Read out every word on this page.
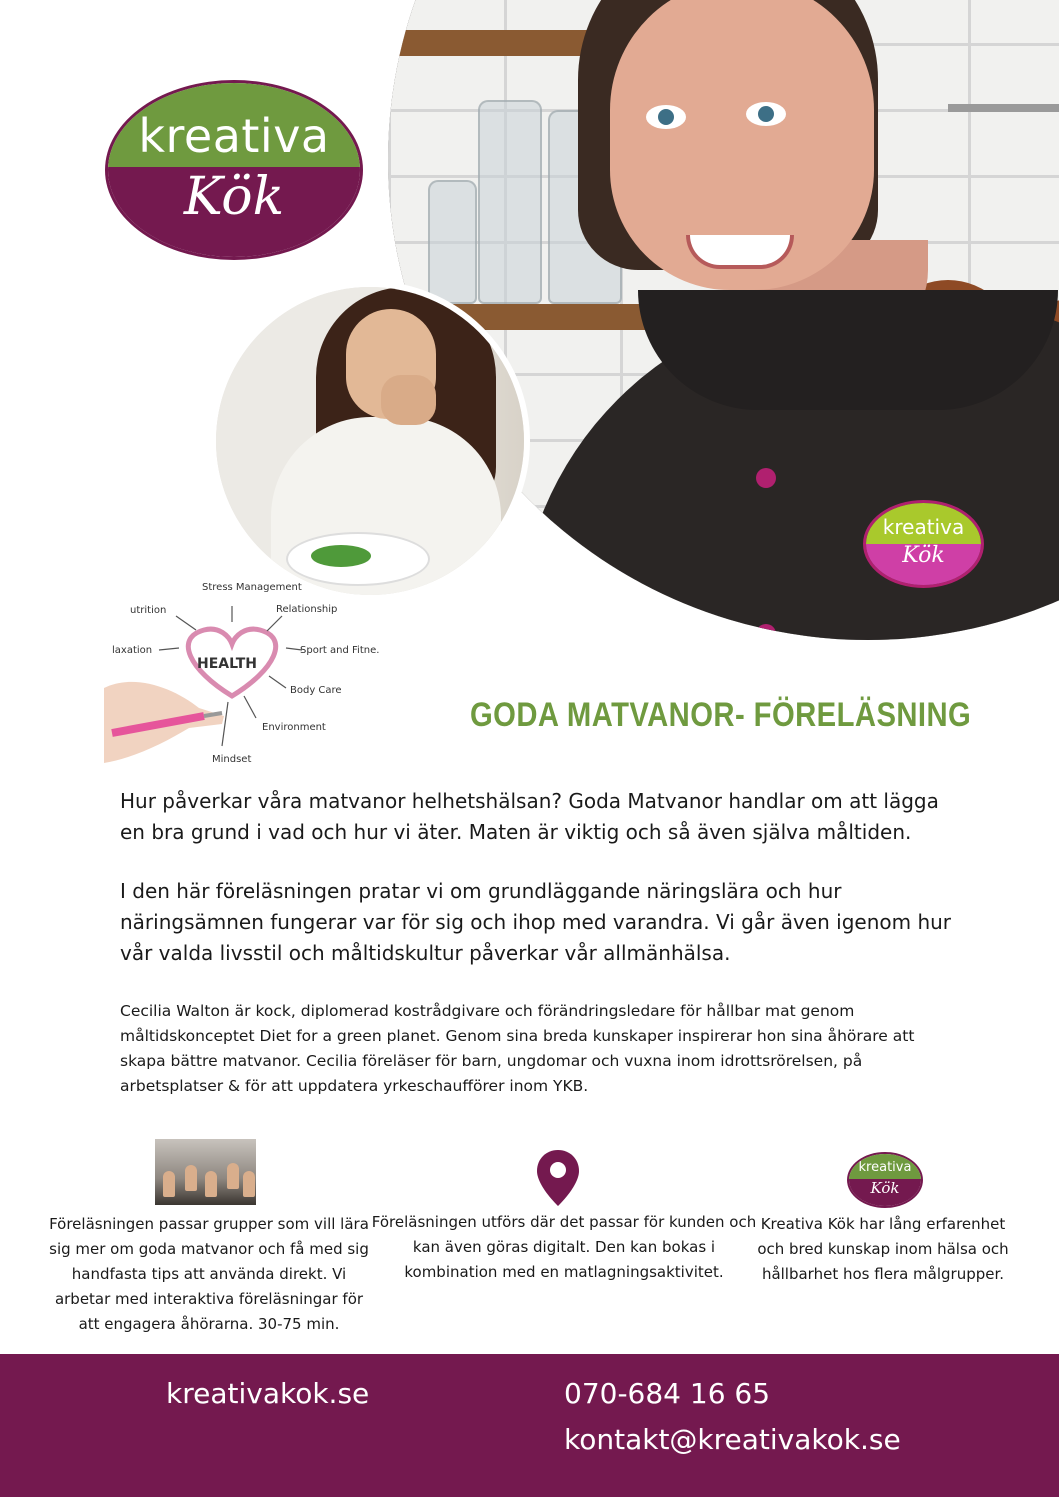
kreativa
Kök
kreativa
Kök
Stress Management
Relationship
Sport and Fitne.
Body Care
Environment
Mindset
laxation
utrition
HEALTH
GODA MATVANOR- FÖRELÄSNING

Hur påverkar våra matvanor helhetshälsan? Goda Matvanor handlar om att lägga en bra grund i vad och hur vi äter. Maten är viktig och så även själva måltiden.

I den här föreläsningen pratar vi om grundläggande näringslära och hur näringsämnen fungerar var för sig och ihop med varandra. Vi går även igenom hur vår valda livsstil och måltidskultur påverkar vår allmänhälsa.

Cecilia Walton är kock, diplomerad kostrådgivare och förändringsledare för hållbar mat genom måltidskonceptet Diet for a green planet. Genom sina breda kunskaper inspirerar hon sina åhörare att skapa bättre matvanor. Cecilia föreläser för barn, ungdomar och vuxna inom idrottsrörelsen, på arbetsplatser & för att uppdatera yrkeschaufförer inom YKB.

kreativa
Kök
Föreläsningen passar grupper som vill lära sig mer om goda matvanor och få med sig handfasta tips att använda direkt. Vi arbetar med interaktiva föreläsningar för att engagera åhörarna. 30-75 min.
Föreläsningen utförs där det passar för kunden och kan även göras digitalt. Den kan bokas i kombination med en matlagningsaktivitet.
Kreativa Kök har lång erfarenhet och bred kunskap inom hälsa och hållbarhet hos flera målgrupper.
kreativakok.se	070-684 16 65
kontakt@kreativakok.se
